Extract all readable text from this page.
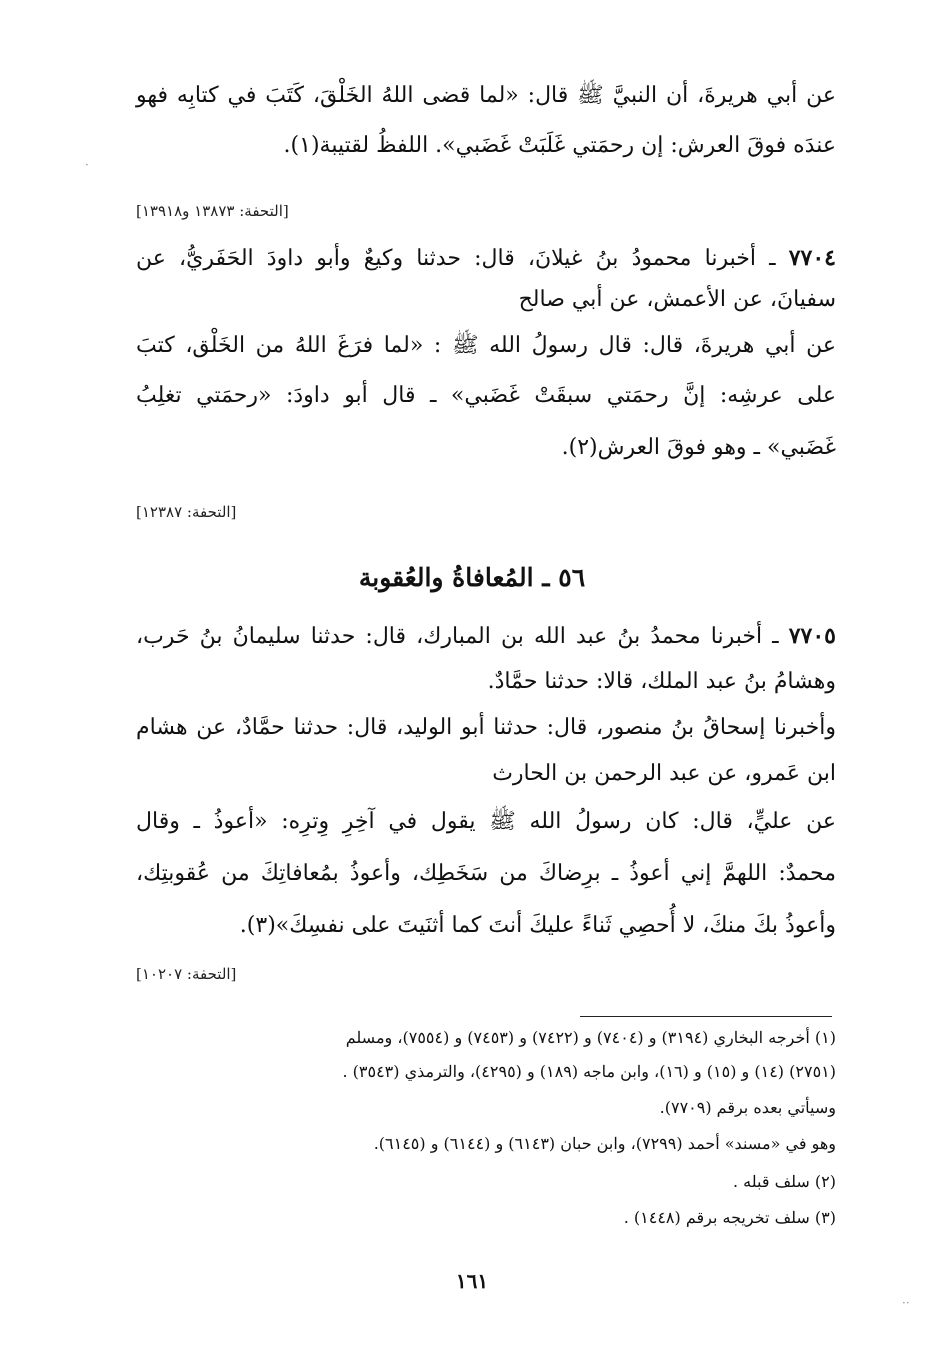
عن أبي هريرةَ، أن النبيَّ ﷺ قال: «لما قضى اللهُ الخَلْقَ، كَتَبَ في كتابِه فهو
عندَه فوقَ العرش: إن رحمَتي غَلَبَتْ غَضَبي». اللفظُ لقتيبة(١).
[التحفة: ١٣٨٧٣ و١٣٩١٨]
٧٧٠٤ ـ أخبرنا محمودُ بنُ غيلانَ، قال: حدثنا وكيعٌ وأبو داودَ الحَفَريُّ، عن
سفيانَ، عن الأعمش، عن أبي صالح
عن أبي هريرةَ، قال: قال رسولُ الله ﷺ : «لما فرَغَ اللهُ من الخَلْق، كتبَ
على عرشِه: إنَّ رحمَتي سبقَتْ غَضَبي» ـ قال أبو داودَ: «رحمَتي تغلِبُ
غَضَبي» ـ وهو فوقَ العرش(٢).
[التحفة: ١٢٣٨٧]
٥٦ ـ المُعافاةُ والعُقوبة
٧٧٠٥ ـ أخبرنا محمدُ بنُ عبد الله بن المبارك، قال: حدثنا سليمانُ بنُ حَرب،
وهشامُ بنُ عبد الملك، قالا: حدثنا حمَّادٌ.
وأخبرنا إسحاقُ بنُ منصور، قال: حدثنا أبو الوليد، قال: حدثنا حمَّادٌ، عن هشام
ابن عَمرو، عن عبد الرحمن بن الحارث
عن عليٍّ، قال: كان رسولُ الله ﷺ يقول في آخِرِ وِترِه: «أعوذُ ـ وقال
محمدٌ: اللهمَّ إني أعوذُ ـ برِضاكَ من سَخَطِك، وأعوذُ بمُعافاتِكَ من عُقوبتِك،
وأعوذُ بكَ منكَ، لا أُحصِي ثَناءً عليكَ أنتَ كما أثنَيتَ على نفسِكَ»(٣).
[التحفة: ١٠٢٠٧]
(١) أخرجه البخاري (٣١٩٤) و (٧٤٠٤) و (٧٤٢٢) و (٧٤٥٣) و (٧٥٥٤)، ومسلم
(٢٧٥١) (١٤) و (١٥) و (١٦)، وابن ماجه (١٨٩) و (٤٢٩٥)، والترمذي (٣٥٤٣) .
وسيأتي بعده برقم (٧٧٠٩).
وهو في «مسند» أحمد (٧٢٩٩)، وابن حبان (٦١٤٣) و (٦١٤٤) و (٦١٤٥).
(٢) سلف قبله .
(٣) سلف تخريجه برقم (١٤٤٨) .
١٦١
·
··
